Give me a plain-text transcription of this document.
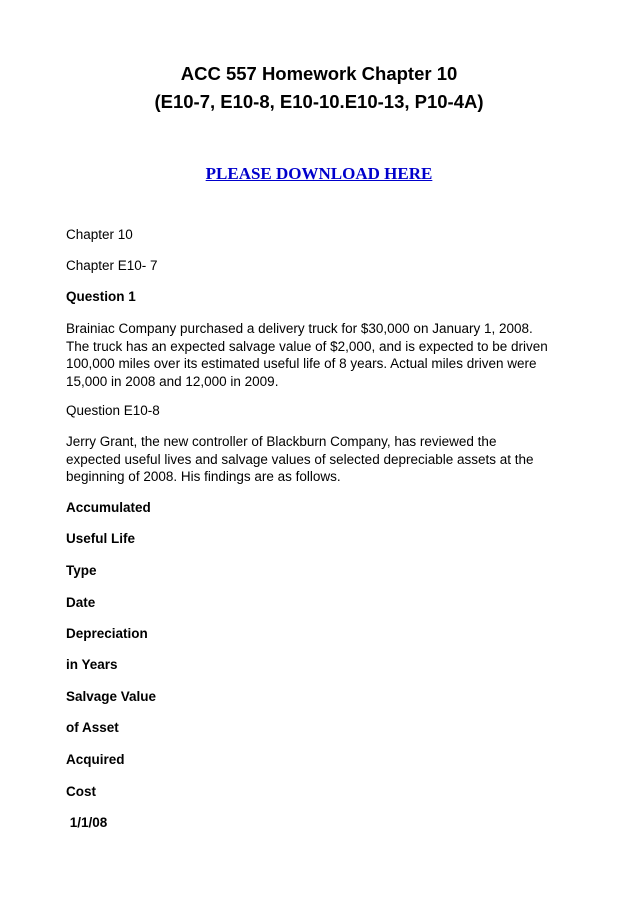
ACC 557 Homework Chapter 10
(E10-7, E10-8, E10-10.E10-13, P10-4A)
PLEASE DOWNLOAD HERE
Chapter 10
Chapter E10- 7
Question 1
Brainiac Company purchased a delivery truck for $30,000 on January 1, 2008.
The truck has an expected salvage value of $2,000, and is expected to be driven
100,000 miles over its estimated useful life of 8 years. Actual miles driven were
15,000 in 2008 and 12,000 in 2009.
Question E10-8
Jerry Grant, the new controller of Blackburn Company, has reviewed the
expected useful lives and salvage values of selected depreciable assets at the
beginning of 2008. His findings are as follows.
Accumulated
Useful Life
Type
Date
Depreciation
in Years
Salvage Value
of Asset
Acquired
Cost
1/1/08
